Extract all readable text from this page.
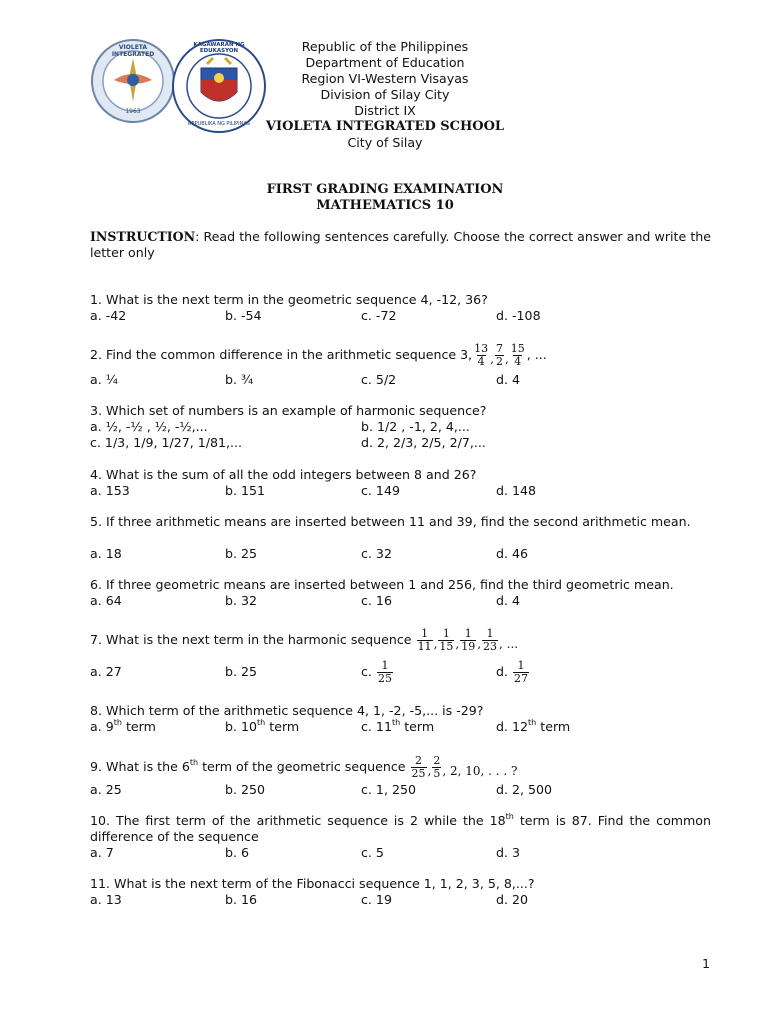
VIOLETA INTEGRATED
1963
KAGAWARAN NG EDUKASYON
REPUBLIKA NG PILIPINAS
Republic of the Philippines
Department of Education
Region VI-Western Visayas
Division of Silay City
District IX
VIOLETA INTEGRATED SCHOOL
City of Silay
FIRST GRADING EXAMINATION
MATHEMATICS 10
INSTRUCTION: Read the following sentences carefully. Choose the correct answer and write the letter only
1. What is the next term in the geometric sequence 4, -12, 36?
a. -42	b. -54	c. -72	d. -108
2. Find the common difference in the arithmetic sequence 3, $\frac{13}{4}$ , $\frac{7}{2}$ , $\frac{15}{4}$ , ...
a. ¼	b. ¾	c. 5/2	d. 4
3. Which set of numbers is an example of harmonic sequence?
a. ½, -½ , ½, -½,...	b. 1/2 , -1, 2, 4,...
c. 1/3, 1/9, 1/27, 1/81,...	d. 2, 2/3, 2/5, 2/7,...
4. What is the sum of all the odd integers between 8 and 26?
a. 153	b. 151	c. 149	d. 148
5. If three arithmetic means are inserted between 11 and 39, find the second arithmetic mean.
a. 18	b. 25	c. 32	d. 46
6. If three geometric means are inserted between 1 and 256, find the third geometric mean.
a. 64	b. 32	c. 16	d. 4
7. What is the next term in the harmonic sequence $\frac{1}{11}$ , $\frac{1}{15}$ , $\frac{1}{19}$ , $\frac{1}{23}$ , ...
a. 27	b. 25	c. $\frac{1}{25}$	d. $\frac{1}{27}$
8. Which term of the arithmetic sequence 4, 1, -2, -5,... is -29?
a. 9th term	b. 10th term	c. 11th term	d. 12th term
9. What is the 6th term of the geometric sequence $\frac{2}{25}$ , $\frac{2}{5}$ , 2, 10, . . . ?
a. 25	b. 250	c. 1, 250	d. 2, 500
10. The first term of the arithmetic sequence is 2 while the 18th term is 87. Find the common difference of the sequence
a. 7	b. 6	c. 5	d. 3
11. What is the next term of the Fibonacci sequence 1, 1, 2, 3, 5, 8,...?
a. 13	b. 16	c. 19	d. 20
1
